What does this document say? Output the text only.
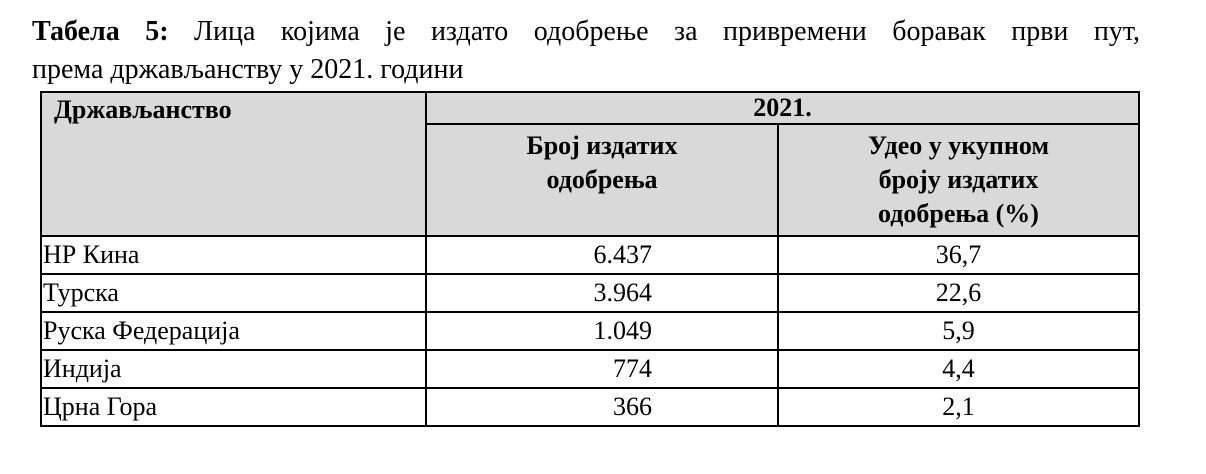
Табела 5: Лица којима је издато одобрење за привремени боравак први пут,
према држављанству у 2021. години
Држављанство	2021.	

	Број издатих одобрења	Удео у укупном броју издатих одобрења (%)

НР Кина	6.437	36,7
Турска	3.964	22,6
Руска Федерација	1.049	5,9
Индија	774	4,4
Црна Гора	366	2,1
